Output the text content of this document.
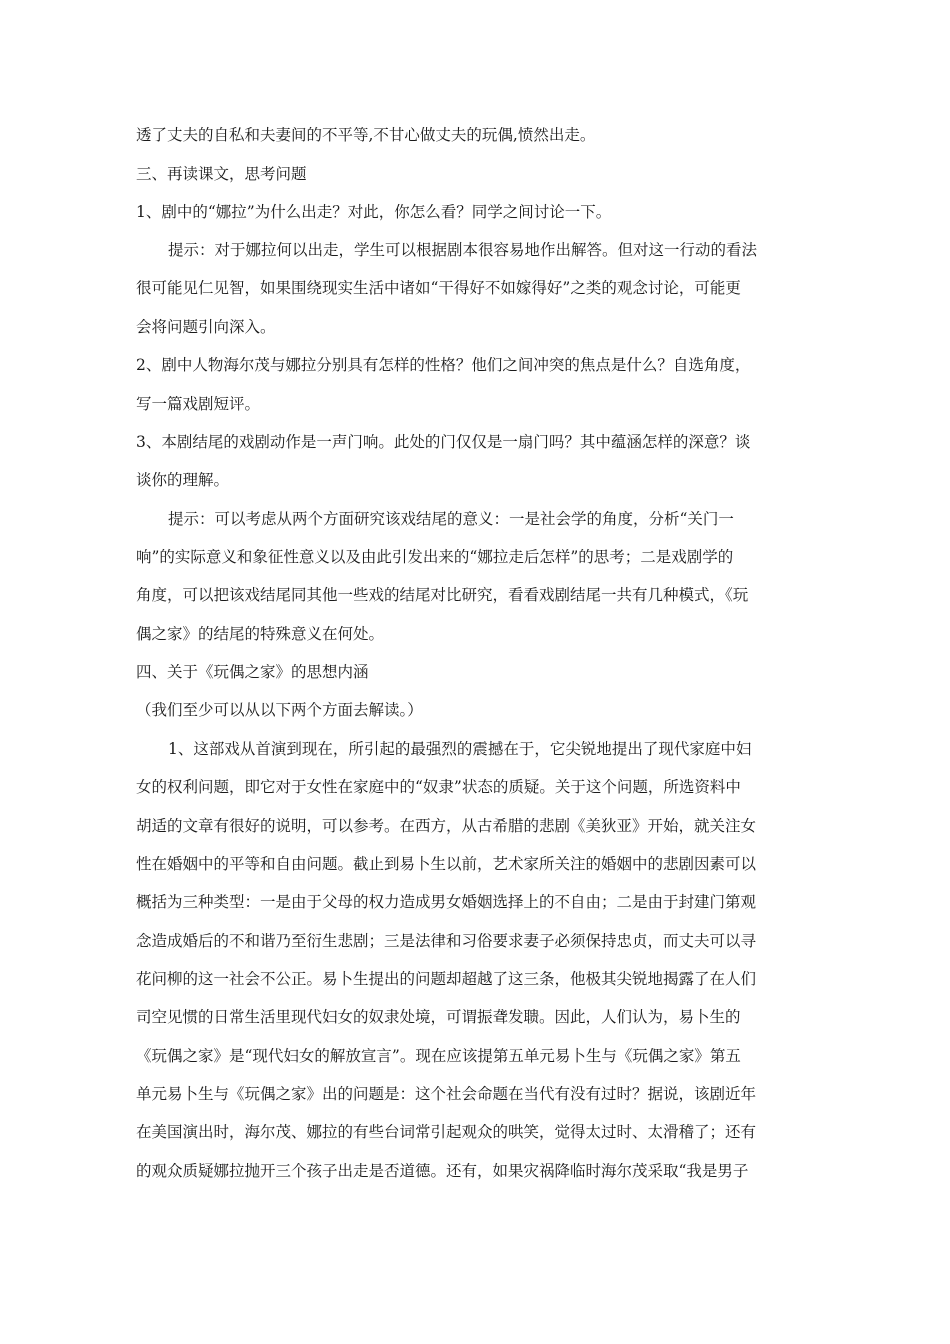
透了丈夫的自私和夫妻间的不平等,不甘心做丈夫的玩偶,愤然出走。
三、再读课文，思考问题
1、剧中的“娜拉”为什么出走？对此，你怎么看？同学之间讨论一下。
提示：对于娜拉何以出走，学生可以根据剧本很容易地作出解答。但对这一行动的看法
很可能见仁见智，如果围绕现实生活中诸如“干得好不如嫁得好”之类的观念讨论，可能更
会将问题引向深入。
2、剧中人物海尔茂与娜拉分别具有怎样的性格？他们之间冲突的焦点是什么？自选角度，
写一篇戏剧短评。
3、本剧结尾的戏剧动作是一声门响。此处的门仅仅是一扇门吗？其中蕴涵怎样的深意？谈
谈你的理解。
提示：可以考虑从两个方面研究该戏结尾的意义：一是社会学的角度，分析“关门一
响”的实际意义和象征性意义以及由此引发出来的“娜拉走后怎样”的思考；二是戏剧学的
角度，可以把该戏结尾同其他一些戏的结尾对比研究，看看戏剧结尾一共有几种模式，《玩
偶之家》的结尾的特殊意义在何处。
四、关于《玩偶之家》的思想内涵
（我们至少可以从以下两个方面去解读。）
1、这部戏从首演到现在，所引起的最强烈的震撼在于，它尖锐地提出了现代家庭中妇
女的权利问题，即它对于女性在家庭中的“奴隶”状态的质疑。关于这个问题，所选资料中
胡适的文章有很好的说明，可以参考。在西方，从古希腊的悲剧《美狄亚》开始，就关注女
性在婚姻中的平等和自由问题。截止到易卜生以前，艺术家所关注的婚姻中的悲剧因素可以
概括为三种类型：一是由于父母的权力造成男女婚姻选择上的不自由；二是由于封建门第观
念造成婚后的不和谐乃至衍生悲剧；三是法律和习俗要求妻子必须保持忠贞，而丈夫可以寻
花问柳的这一社会不公正。易卜生提出的问题却超越了这三条，他极其尖锐地揭露了在人们
司空见惯的日常生活里现代妇女的奴隶处境，可谓振聋发聩。因此，人们认为，易卜生的
《玩偶之家》是“现代妇女的解放宣言”。现在应该提第五单元易卜生与《玩偶之家》第五
单元易卜生与《玩偶之家》出的问题是：这个社会命题在当代有没有过时？据说，该剧近年
在美国演出时，海尔茂、娜拉的有些台词常引起观众的哄笑，觉得太过时、太滑稽了；还有
的观众质疑娜拉抛开三个孩子出走是否道德。还有，如果灾祸降临时海尔茂采取“我是男子
